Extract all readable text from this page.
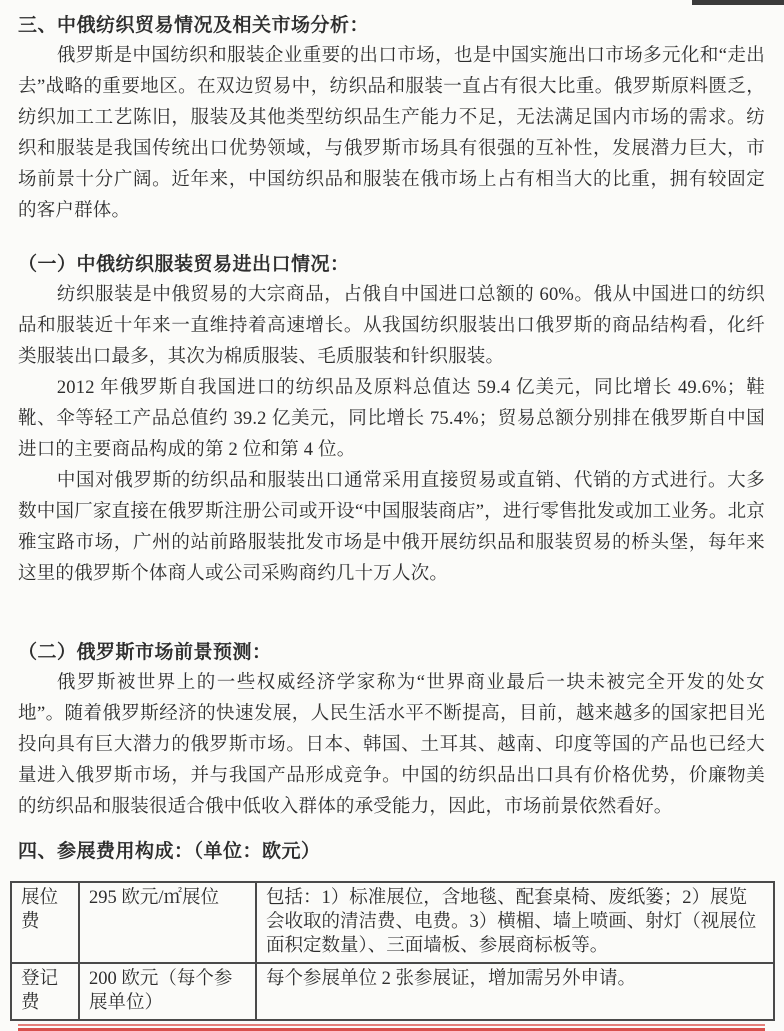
三、中俄纺织贸易情况及相关市场分析：

俄罗斯是中国纺织和服装企业重要的出口市场，也是中国实施出口市场多元化和“走出去”战略的重要地区。在双边贸易中，纺织品和服装一直占有很大比重。俄罗斯原料匮乏，纺织加工工艺陈旧，服装及其他类型纺织品生产能力不足，无法满足国内市场的需求。纺织和服装是我国传统出口优势领域，与俄罗斯市场具有很强的互补性，发展潜力巨大，市场前景十分广阔。近年来，中国纺织品和服装在俄市场上占有相当大的比重，拥有较固定的客户群体。

（一）中俄纺织服装贸易进出口情况：

纺织服装是中俄贸易的大宗商品，占俄自中国进口总额的 60%。俄从中国进口的纺织品和服装近十年来一直维持着高速增长。从我国纺织服装出口俄罗斯的商品结构看，化纤类服装出口最多，其次为棉质服装、毛质服装和针织服装。

2012 年俄罗斯自我国进口的纺织品及原料总值达 59.4 亿美元，同比增长 49.6%；鞋靴、伞等轻工产品总值约 39.2 亿美元，同比增长 75.4%；贸易总额分别排在俄罗斯自中国进口的主要商品构成的第 2 位和第 4 位。

中国对俄罗斯的纺织品和服装出口通常采用直接贸易或直销、代销的方式进行。大多数中国厂家直接在俄罗斯注册公司或开设“中国服装商店”，进行零售批发或加工业务。北京雅宝路市场，广州的站前路服装批发市场是中俄开展纺织品和服装贸易的桥头堡，每年来这里的俄罗斯个体商人或公司采购商约几十万人次。

（二）俄罗斯市场前景预测：

俄罗斯被世界上的一些权威经济学家称为“世界商业最后一块未被完全开发的处女地”。随着俄罗斯经济的快速发展，人民生活水平不断提高，目前，越来越多的国家把目光投向具有巨大潜力的俄罗斯市场。日本、韩国、土耳其、越南、印度等国的产品也已经大量进入俄罗斯市场，并与我国产品形成竞争。中国的纺织品出口具有价格优势，价廉物美的纺织品和服装很适合俄中低收入群体的承受能力，因此，市场前景依然看好。

四、参展费用构成：（单位：欧元）
展位费	295 欧元/㎡展位	包括：1）标准展位，含地毯、配套桌椅、废纸篓；2）展览会收取的清洁费、电费。3）横楣、墙上喷画、射灯（视展位面积定数量）、三面墙板、参展商标板等。
登记费	200 欧元（每个参展单位）	每个参展单位 2 张参展证，增加需另外申请。
